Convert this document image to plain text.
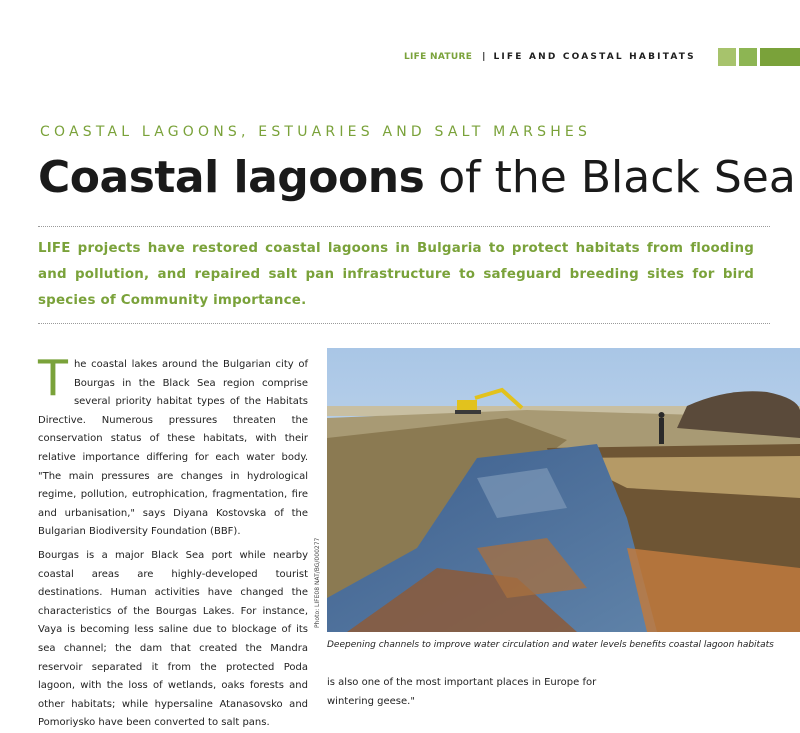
LIFE NATURE | LIFE AND COASTAL HABITATS
COASTAL LAGOONS, ESTUARIES AND SALT MARSHES
Coastal lagoons of the Black Sea

LIFE projects have restored coastal lagoons in Bulgaria to protect habitats from flooding and pollution, and repaired salt pan infrastructure to safeguard breeding sites for bird species of Community importance.

T he coastal lakes around the Bulgarian city of Bourgas in the Black Sea region comprise several priority habitat types of the Habitats Directive. Numerous pressures threaten the conservation status of these habitats, with their relative importance differing for each water body. "The main pressures are changes in hydrological regime, pollution, eutrophication, fragmentation, fire and urbanisation," says Diyana Kostovska of the Bulgarian Biodiversity Foundation (BBF).

Bourgas is a major Black Sea port while nearby coastal areas are highly-developed tourist destinations. Human activities have changed the characteristics of the Bourgas Lakes. For instance, Vaya is becoming less saline due to blockage of its sea channel; the dam that created the Mandra reservoir separated it from the protected Poda lagoon, with the loss of wetlands, oaks forests and other habitats; while hypersaline Atanasovsko and Pomoriysko have been converted to salt pans.

Photo: LIFE08 NAT/BG/000277
Deepening channels to improve water circulation and water levels benefits coastal lagoon habitats

is also one of the most important places in Europe for wintering geese."
